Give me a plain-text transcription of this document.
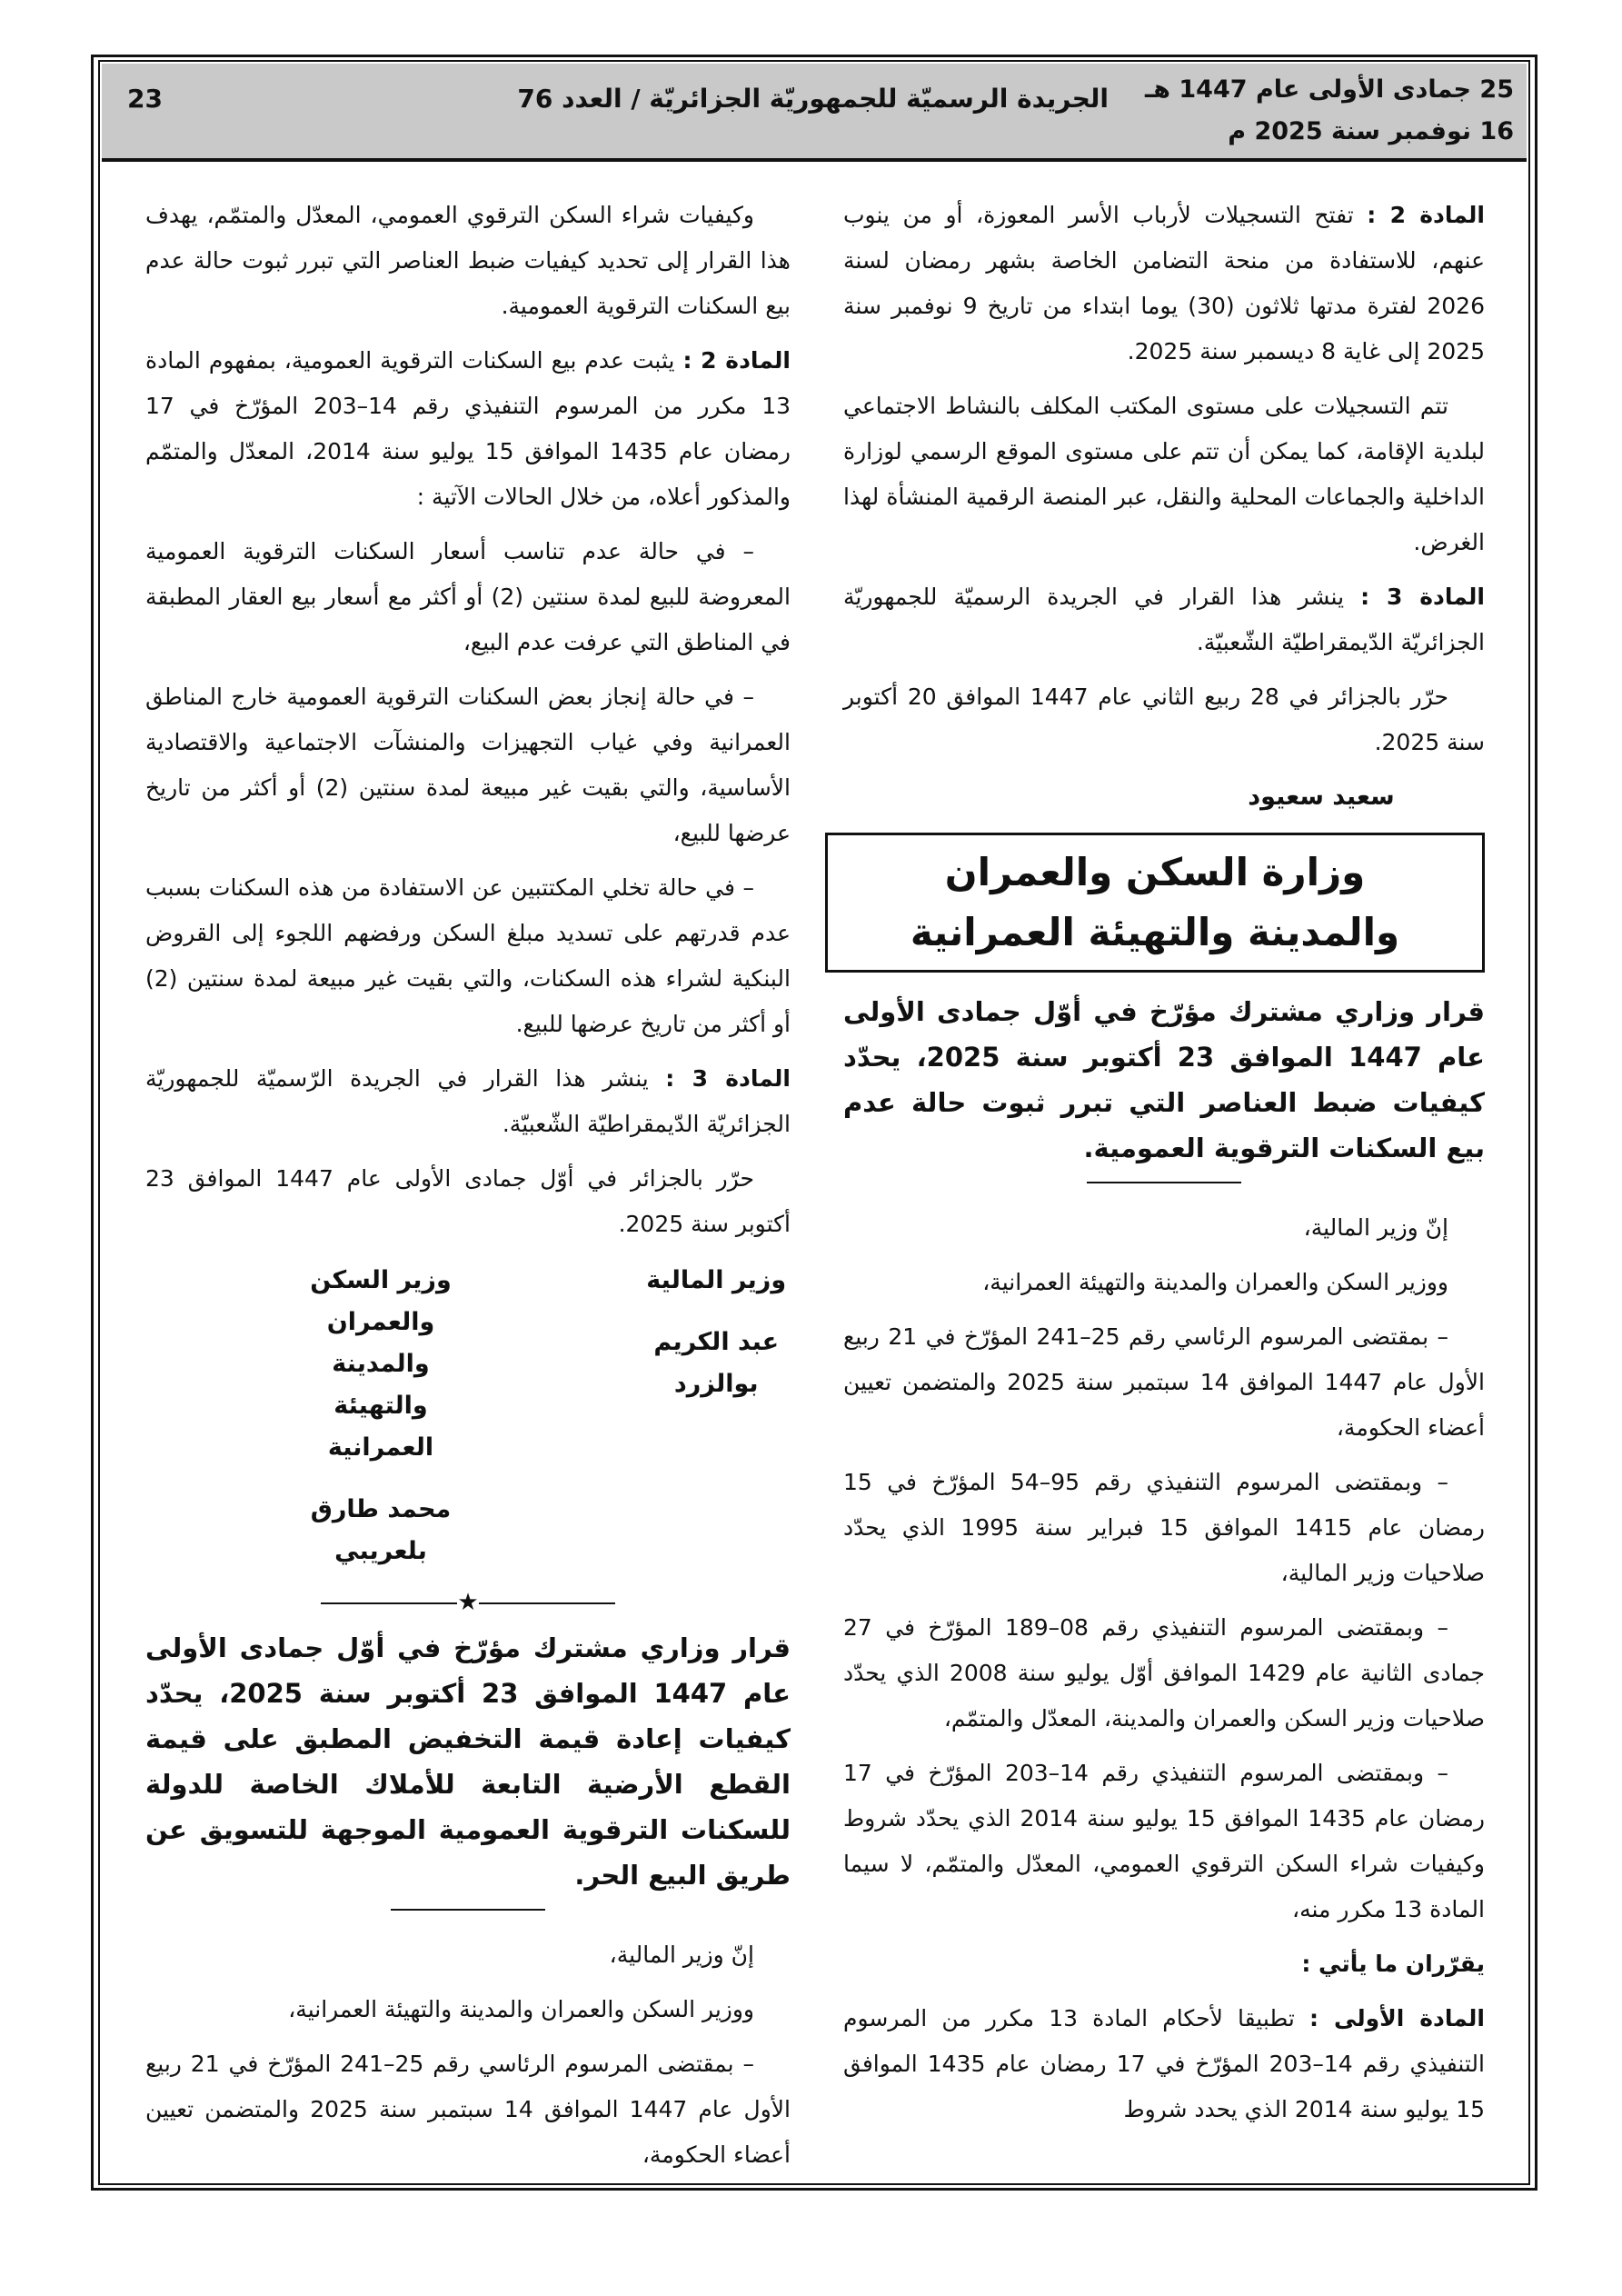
25 جمادى الأولى عام 1447 هـ
16 نوفمبر سنة 2025 م
الجريدة الرسميّة للجمهوريّة الجزائريّة / العدد 76
23
المادة 2 : تفتح التسجيلات لأرباب الأسر المعوزة، أو من ينوب عنهم، للاستفادة من منحة التضامن الخاصة بشهر رمضان لسنة 2026 لفترة مدتها ثلاثون (30) يوما ابتداء من تاريخ 9 نوفمبر سنة 2025 إلى غاية 8 ديسمبر سنة 2025.
تتم التسجيلات على مستوى المكتب المكلف بالنشاط الاجتماعي لبلدية الإقامة، كما يمكن أن تتم على مستوى الموقع الرسمي لوزارة الداخلية والجماعات المحلية والنقل، عبر المنصة الرقمية المنشأة لهذا الغرض.
المادة 3 : ينشر هذا القرار في الجريدة الرسميّة للجمهوريّة الجزائريّة الدّيمقراطيّة الشّعبيّة.
حرّر بالجزائر في 28 ربيع الثاني عام 1447 الموافق 20 أكتوبر سنة 2025.
سعيد سعيود
وزارة السكن والعمران
والمدينة والتهيئة العمرانية
قرار وزاري مشترك مؤرّخ في أوّل جمادى الأولى عام 1447 الموافق 23 أكتوبر سنة 2025، يحدّد كيفيات ضبط العناصر التي تبرر ثبوت حالة عدم بيع السكنات الترقوية العمومية.
إنّ وزير المالية،
ووزير السكن والعمران والمدينة والتهيئة العمرانية،
– بمقتضى المرسوم الرئاسي رقم 25–241 المؤرّخ في 21 ربيع الأول عام 1447 الموافق 14 سبتمبر سنة 2025 والمتضمن تعيين أعضاء الحكومة،
– وبمقتضى المرسوم التنفيذي رقم 95–54 المؤرّخ في 15 رمضان عام 1415 الموافق 15 فبراير سنة 1995 الذي يحدّد صلاحيات وزير المالية،
– وبمقتضى المرسوم التنفيذي رقم 08–189 المؤرّخ في 27 جمادى الثانية عام 1429 الموافق أوّل يوليو سنة 2008 الذي يحدّد صلاحيات وزير السكن والعمران والمدينة، المعدّل والمتمّم،
– وبمقتضى المرسوم التنفيذي رقم 14–203 المؤرّخ في 17 رمضان عام 1435 الموافق 15 يوليو سنة 2014 الذي يحدّد شروط وكيفيات شراء السكن الترقوي العمومي، المعدّل والمتمّم، لا سيما المادة 13 مكرر منه،
يقرّران ما يأتي :
المادة الأولى : تطبيقا لأحكام المادة 13 مكرر من المرسوم التنفيذي رقم 14–203 المؤرّخ في 17 رمضان عام 1435 الموافق 15 يوليو سنة 2014 الذي يحدد شروط
وكيفيات شراء السكن الترقوي العمومي، المعدّل والمتمّم، يهدف هذا القرار إلى تحديد كيفيات ضبط العناصر التي تبرر ثبوت حالة عدم بيع السكنات الترقوية العمومية.
المادة 2 : يثبت عدم بيع السكنات الترقوية العمومية، بمفهوم المادة 13 مكرر من المرسوم التنفيذي رقم 14–203 المؤرّخ في 17 رمضان عام 1435 الموافق 15 يوليو سنة 2014، المعدّل والمتمّم والمذكور أعلاه، من خلال الحالات الآتية :
– في حالة عدم تناسب أسعار السكنات الترقوية العمومية المعروضة للبيع لمدة سنتين (2) أو أكثر مع أسعار بيع العقار المطبقة في المناطق التي عرفت عدم البيع،
– في حالة إنجاز بعض السكنات الترقوية العمومية خارج المناطق العمرانية وفي غياب التجهيزات والمنشآت الاجتماعية والاقتصادية الأساسية، والتي بقيت غير مبيعة لمدة سنتين (2) أو أكثر من تاريخ عرضها للبيع،
– في حالة تخلي المكتتبين عن الاستفادة من هذه السكنات بسبب عدم قدرتهم على تسديد مبلغ السكن ورفضهم اللجوء إلى القروض البنكية لشراء هذه السكنات، والتي بقيت غير مبيعة لمدة سنتين (2) أو أكثر من تاريخ عرضها للبيع.
المادة 3 : ينشر هذا القرار في الجريدة الرّسميّة للجمهوريّة الجزائريّة الدّيمقراطيّة الشّعبيّة.
حرّر بالجزائر في أوّل جمادى الأولى عام 1447 الموافق 23 أكتوبر سنة 2025.
وزير المالية
عبد الكريم بوالزرد
وزير السكن والعمران والمدينة والتهيئة العمرانية
محمد طارق بلعريبي
★
قرار وزاري مشترك مؤرّخ في أوّل جمادى الأولى عام 1447 الموافق 23 أكتوبر سنة 2025، يحدّد كيفيات إعادة قيمة التخفيض المطبق على قيمة القطع الأرضية التابعة للأملاك الخاصة للدولة للسكنات الترقوية العمومية الموجهة للتسويق عن طريق البيع الحر.
إنّ وزير المالية،
ووزير السكن والعمران والمدينة والتهيئة العمرانية،
– بمقتضى المرسوم الرئاسي رقم 25–241 المؤرّخ في 21 ربيع الأول عام 1447 الموافق 14 سبتمبر سنة 2025 والمتضمن تعيين أعضاء الحكومة،
